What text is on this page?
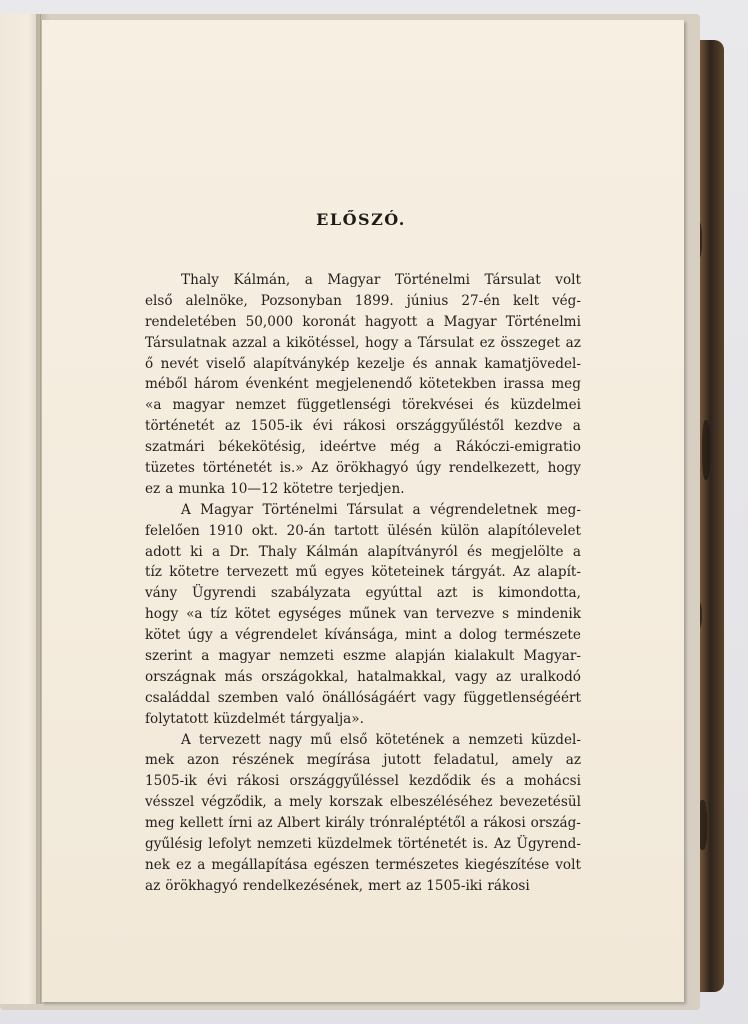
ELŐSZÓ.
Thaly Kálmán, a Magyar Történelmi Társulat volt
első alelnöke, Pozsonyban 1899. június 27-én kelt vég-
rendeletében 50,000 koronát hagyott a Magyar Történelmi
Társulatnak azzal a kikötéssel, hogy a Társulat ez összeget az
ő nevét viselő alapítványkép kezelje és annak kamatjövedel-
méből három évenként megjelenendő kötetekben irassa meg
«a magyar nemzet függetlenségi törekvései és küzdelmei
történetét az 1505-ik évi rákosi országgyűléstől kezdve a
szatmári békekötésig, ideértve még a Rákóczi-emigratio
tüzetes történetét is.» Az örökhagyó úgy rendelkezett, hogy
ez a munka 10—12 kötetre terjedjen.
A Magyar Történelmi Társulat a végrendeletnek meg-
felelően 1910 okt. 20-án tartott ülésén külön alapítólevelet
adott ki a Dr. Thaly Kálmán alapítványról és megjelölte a
tíz kötetre tervezett mű egyes köteteinek tárgyát. Az alapít-
vány Ügyrendi szabályzata egyúttal azt is kimondotta,
hogy «a tíz kötet egységes műnek van tervezve s mindenik
kötet úgy a végrendelet kívánsága, mint a dolog természete
szerint a magyar nemzeti eszme alapján kialakult Magyar-
országnak más országokkal, hatalmakkal, vagy az uralkodó
családdal szemben való önállóságáért vagy függetlenségéért
folytatott küzdelmét tárgyalja».
A tervezett nagy mű első kötetének a nemzeti küzdel-
mek azon részének megírása jutott feladatul, amely az
1505-ik évi rákosi országgyűléssel kezdődik és a mohácsi
vésszel végződik, a mely korszak elbeszéléséhez bevezetésül
meg kellett írni az Albert király trónraléptétől a rákosi ország-
gyűlésig lefolyt nemzeti küzdelmek történetét is. Az Ügyrend-
nek ez a megállapítása egészen természetes kiegészítése volt
az örökhagyó rendelkezésének, mert az 1505-iki rákosi
